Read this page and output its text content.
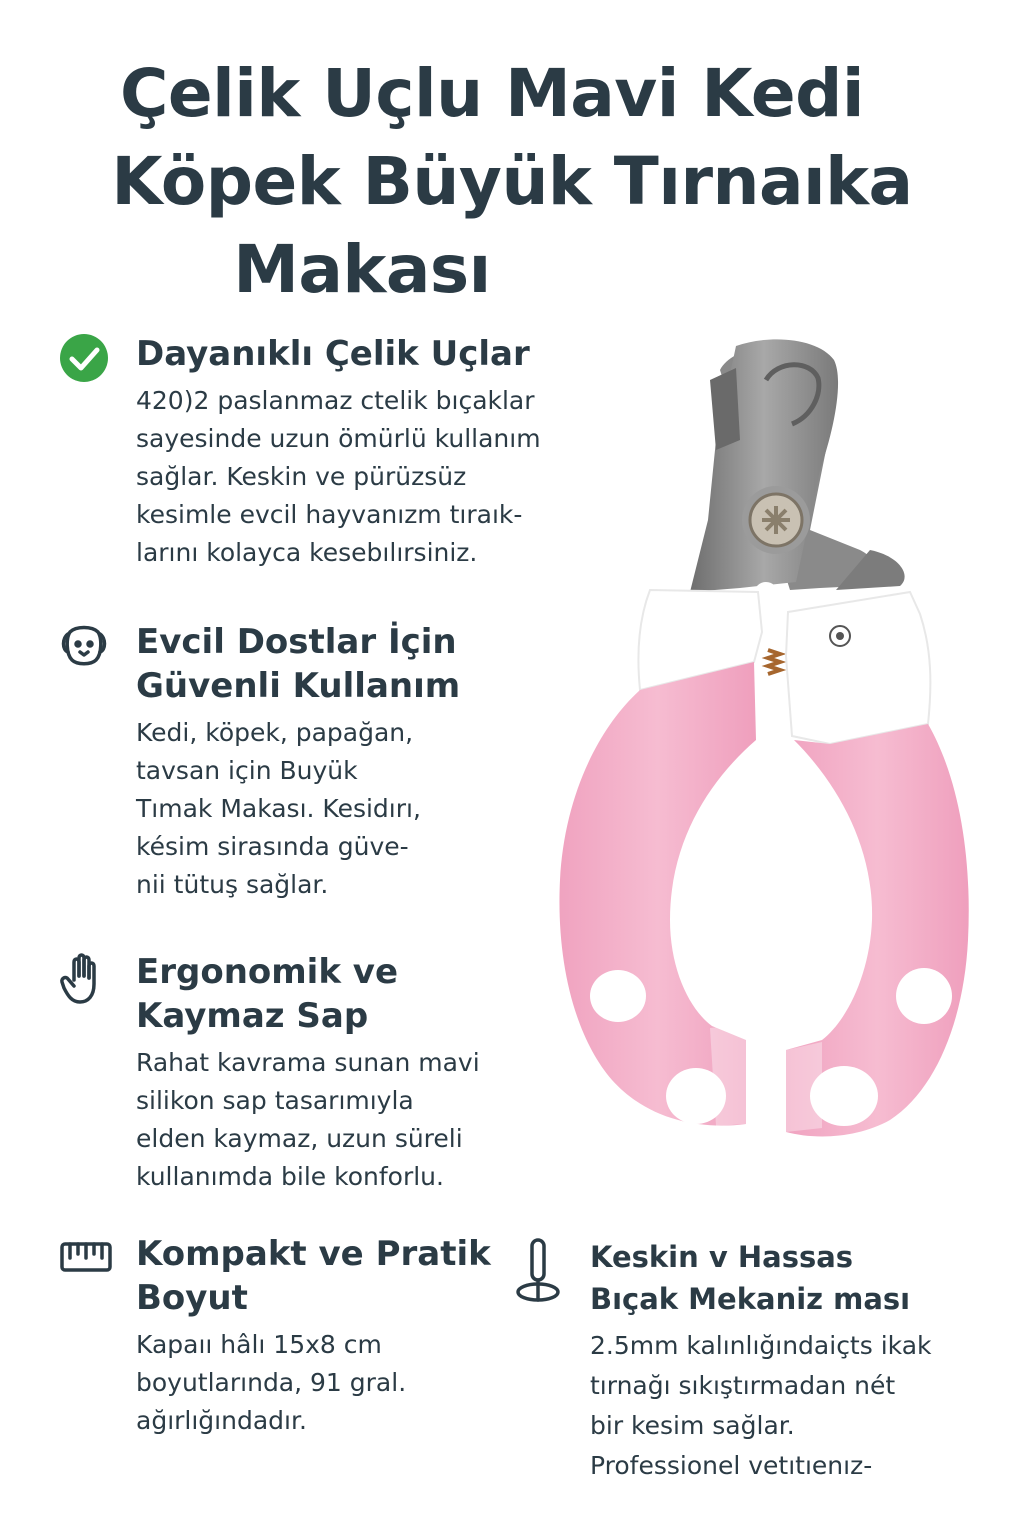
Çelik Uçlu Mavi Kedi
Köpek Büyük Tırnaıka
Makası
Dayanıklı Çelik Uçlar

420)2 paslanmaz ctelik bıçaklar
sayesinde uzun ömürlü kullanım
sağlar. Keskin ve pürüzsüz
kesimle evcil hayvanızm tıraık-
larını kolayca kesebılırsiniz.

Evcil Dostlar İçin
Güvenli Kullanım

Kedi, köpek, papağan,
tavsan için Buyük
Tımak Makası. Kesidırı,
késim sirasında güve-
nii tütuş sağlar.

Ergonomik ve
Kaymaz Sap

Rahat kavrama sunan mavi
silikon sap tasarımıyla
elden kaymaz, uzun süreli
kullanımda bile konforlu.

Kompakt ve Pratik
Boyut

Kapaıı hâlı 15x8 cm
boyutlarında, 91 gral.
ağırlığındadır.

Keskin v Hassas
Bıçak Mekaniz ması

2.5mm kalınlığındaiçts ikak
tırnağı sıkıştırmadan nét
bir kesim sağlar.
Professionel vetıtıenız-
